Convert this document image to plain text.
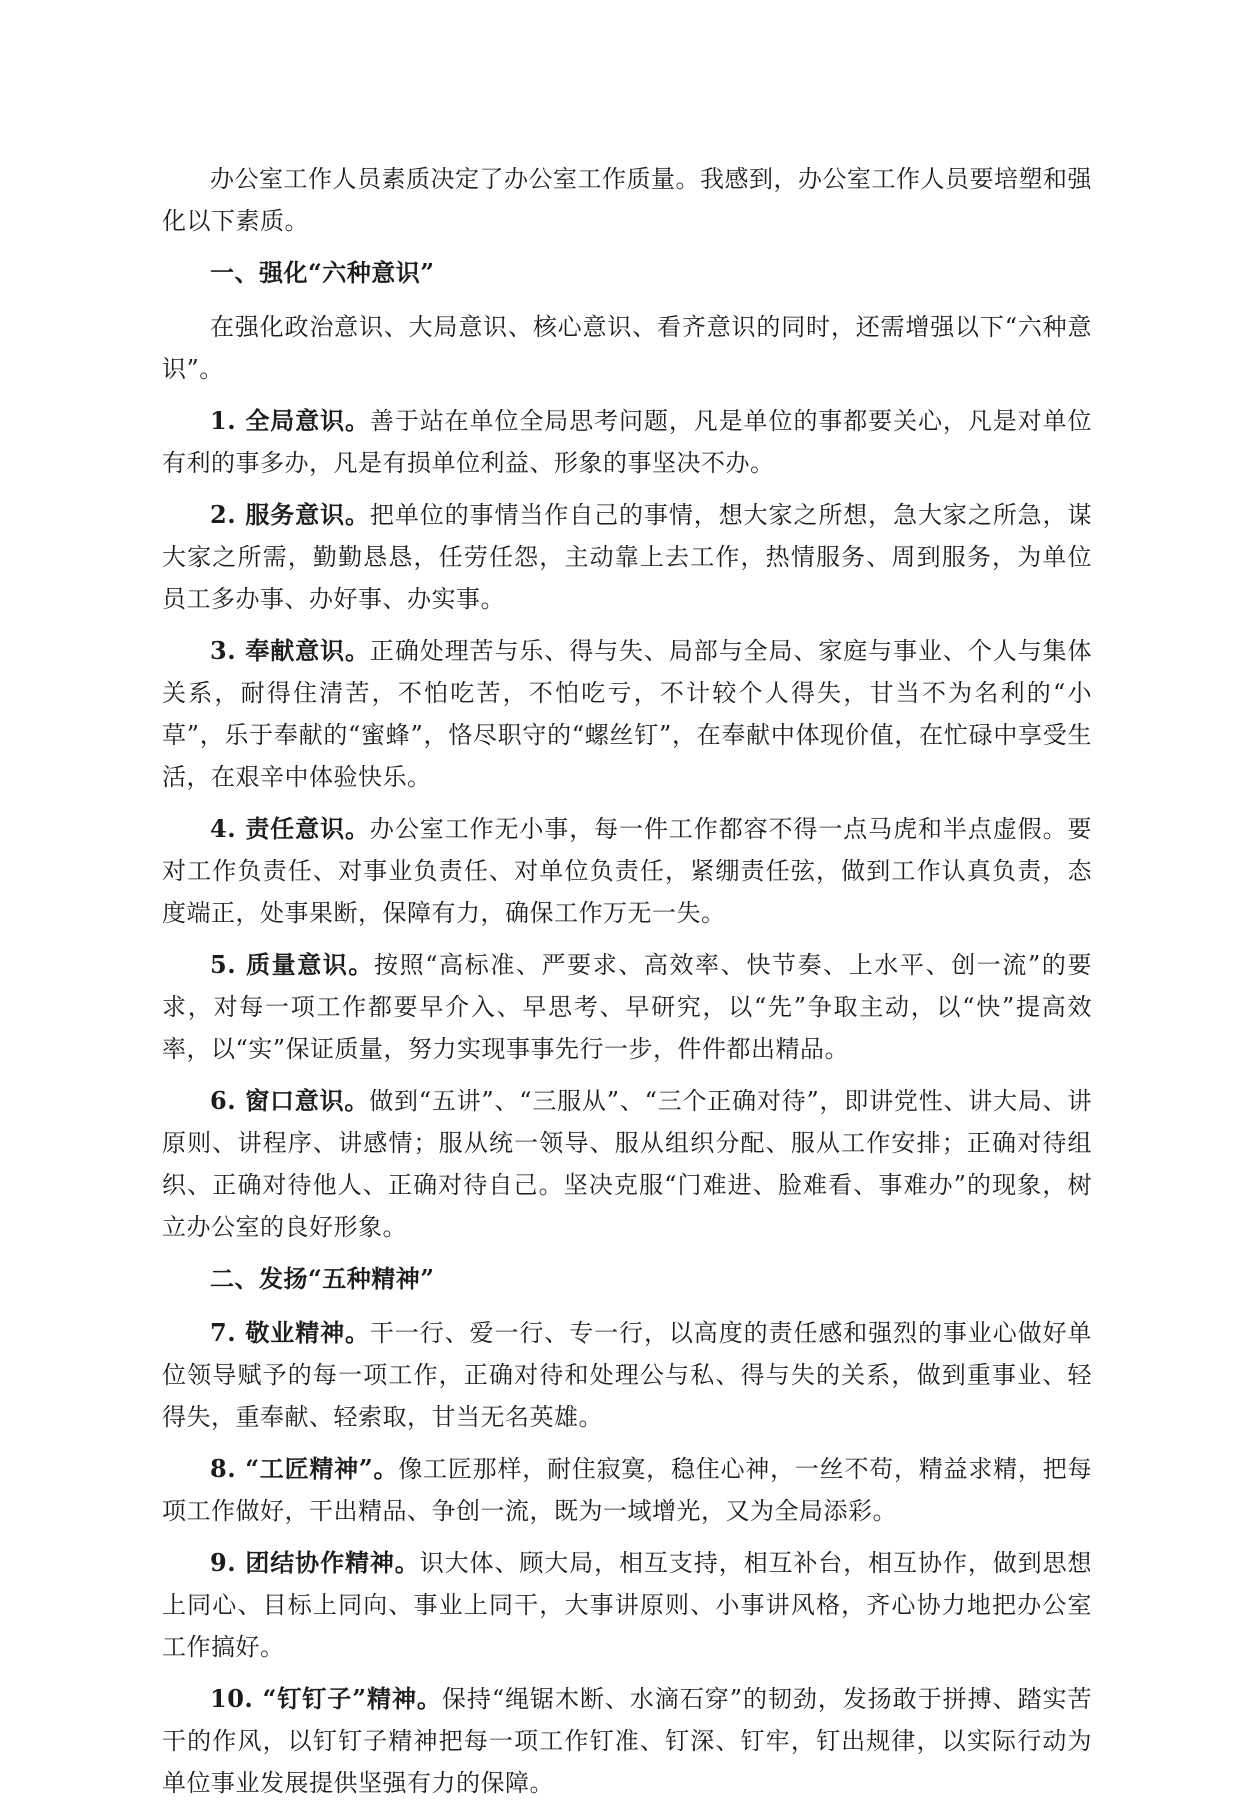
办公室工作人员素质决定了办公室工作质量。我感到，办公室工作人员要培塑和强化以下素质。

一、强化“六种意识”

在强化政治意识、大局意识、核心意识、看齐意识的同时，还需增强以下“六种意识”。

1. 全局意识。善于站在单位全局思考问题，凡是单位的事都要关心，凡是对单位有利的事多办，凡是有损单位利益、形象的事坚决不办。

2. 服务意识。把单位的事情当作自己的事情，想大家之所想，急大家之所急，谋大家之所需，勤勤恳恳，任劳任怨，主动靠上去工作，热情服务、周到服务，为单位员工多办事、办好事、办实事。

3. 奉献意识。正确处理苦与乐、得与失、局部与全局、家庭与事业、个人与集体关系，耐得住清苦，不怕吃苦，不怕吃亏，不计较个人得失，甘当不为名利的“小草”，乐于奉献的“蜜蜂”，恪尽职守的“螺丝钉”，在奉献中体现价值，在忙碌中享受生活，在艰辛中体验快乐。

4. 责任意识。办公室工作无小事，每一件工作都容不得一点马虎和半点虚假。要对工作负责任、对事业负责任、对单位负责任，紧绷责任弦，做到工作认真负责，态度端正，处事果断，保障有力，确保工作万无一失。

5. 质量意识。按照“高标准、严要求、高效率、快节奏、上水平、创一流”的要求，对每一项工作都要早介入、早思考、早研究，以“先”争取主动，以“快”提高效率，以“实”保证质量，努力实现事事先行一步，件件都出精品。

6. 窗口意识。做到“五讲”、“三服从”、“三个正确对待”，即讲党性、讲大局、讲原则、讲程序、讲感情；服从统一领导、服从组织分配、服从工作安排；正确对待组织、正确对待他人、正确对待自己。坚决克服“门难进、脸难看、事难办”的现象，树立办公室的良好形象。

二、发扬“五种精神”

7. 敬业精神。干一行、爱一行、专一行，以高度的责任感和强烈的事业心做好单位领导赋予的每一项工作，正确对待和处理公与私、得与失的关系，做到重事业、轻得失，重奉献、轻索取，甘当无名英雄。

8. “工匠精神”。像工匠那样，耐住寂寞，稳住心神，一丝不苟，精益求精，把每项工作做好，干出精品、争创一流，既为一域增光，又为全局添彩。

9. 团结协作精神。识大体、顾大局，相互支持，相互补台，相互协作，做到思想上同心、目标上同向、事业上同干，大事讲原则、小事讲风格，齐心协力地把办公室工作搞好。

10. “钉钉子”精神。保持“绳锯木断、水滴石穿”的韧劲，发扬敢于拼搏、踏实苦干的作风，以钉钉子精神把每一项工作钉准、钉深、钉牢，钉出规律，以实际行动为单位事业发展提供坚强有力的保障。
